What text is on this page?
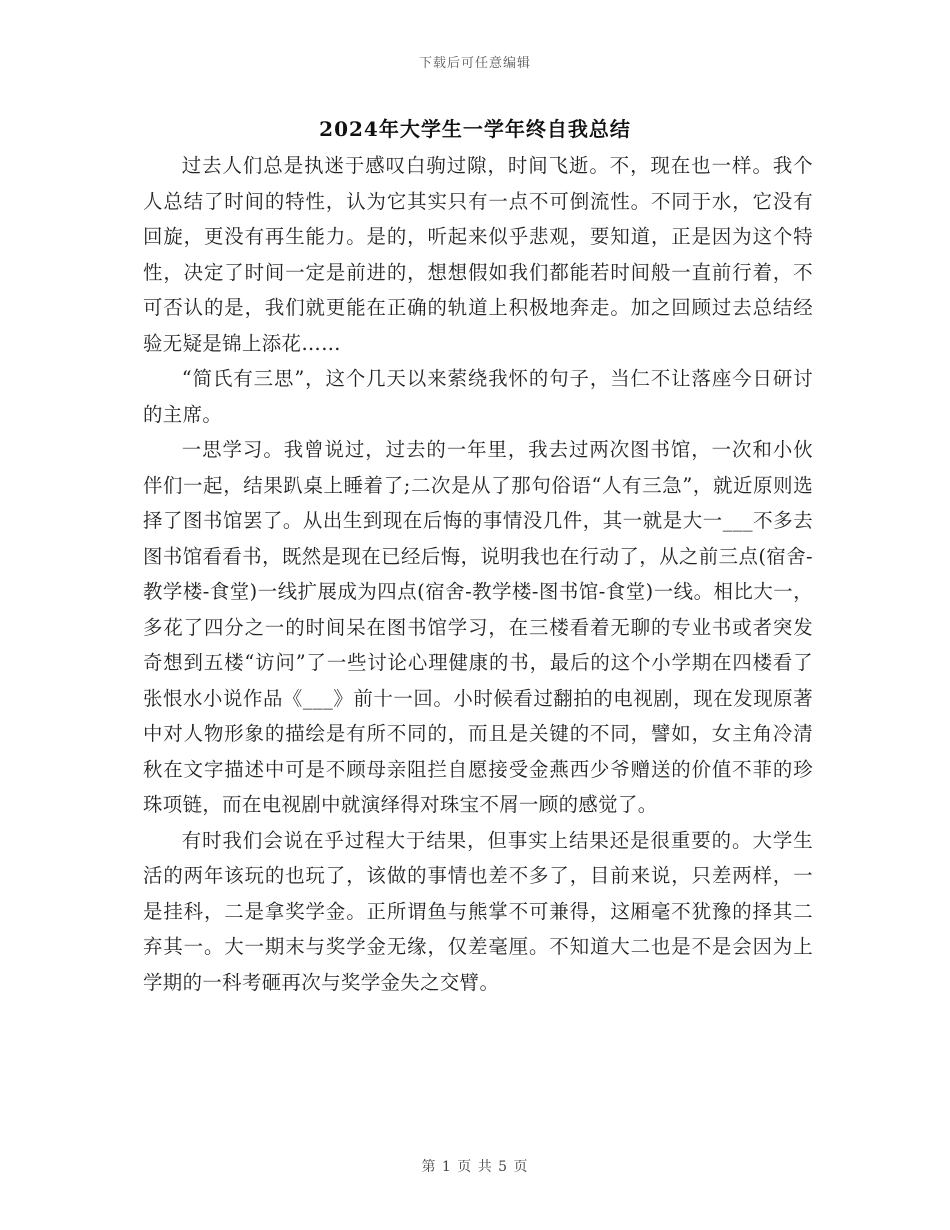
下载后可任意编辑
2024年大学生一学年终自我总结

过去人们总是执迷于感叹白驹过隙，时间飞逝。不，现在也一样。我个人总结了时间的特性，认为它其实只有一点不可倒流性。不同于水，它没有回旋，更没有再生能力。是的，听起来似乎悲观，要知道，正是因为这个特性，决定了时间一定是前进的，想想假如我们都能若时间般一直前行着，不可否认的是，我们就更能在正确的轨道上积极地奔走。加之回顾过去总结经验无疑是锦上添花……

“简氏有三思”，这个几天以来萦绕我怀的句子，当仁不让落座今日研讨的主席。

一思学习。我曾说过，过去的一年里，我去过两次图书馆，一次和小伙伴们一起，结果趴桌上睡着了;二次是从了那句俗语“人有三急”，就近原则选择了图书馆罢了。从出生到现在后悔的事情没几件，其一就是大一___不多去图书馆看看书，既然是现在已经后悔，说明我也在行动了，从之前三点(宿舍-教学楼-食堂)一线扩展成为四点(宿舍-教学楼-图书馆-食堂)一线。相比大一，多花了四分之一的时间呆在图书馆学习，在三楼看着无聊的专业书或者突发奇想到五楼“访问”了一些讨论心理健康的书，最后的这个小学期在四楼看了张恨水小说作品《___》前十一回。小时候看过翻拍的电视剧，现在发现原著中对人物形象的描绘是有所不同的，而且是关键的不同，譬如，女主角冷清秋在文字描述中可是不顾母亲阻拦自愿接受金燕西少爷赠送的价值不菲的珍珠项链，而在电视剧中就演绎得对珠宝不屑一顾的感觉了。

有时我们会说在乎过程大于结果，但事实上结果还是很重要的。大学生活的两年该玩的也玩了，该做的事情也差不多了，目前来说，只差两样，一是挂科，二是拿奖学金。正所谓鱼与熊掌不可兼得，这厢毫不犹豫的择其二弃其一。大一期末与奖学金无缘，仅差毫厘。不知道大二也是不是会因为上学期的一科考砸再次与奖学金失之交臂。

第 1 页 共 5 页
